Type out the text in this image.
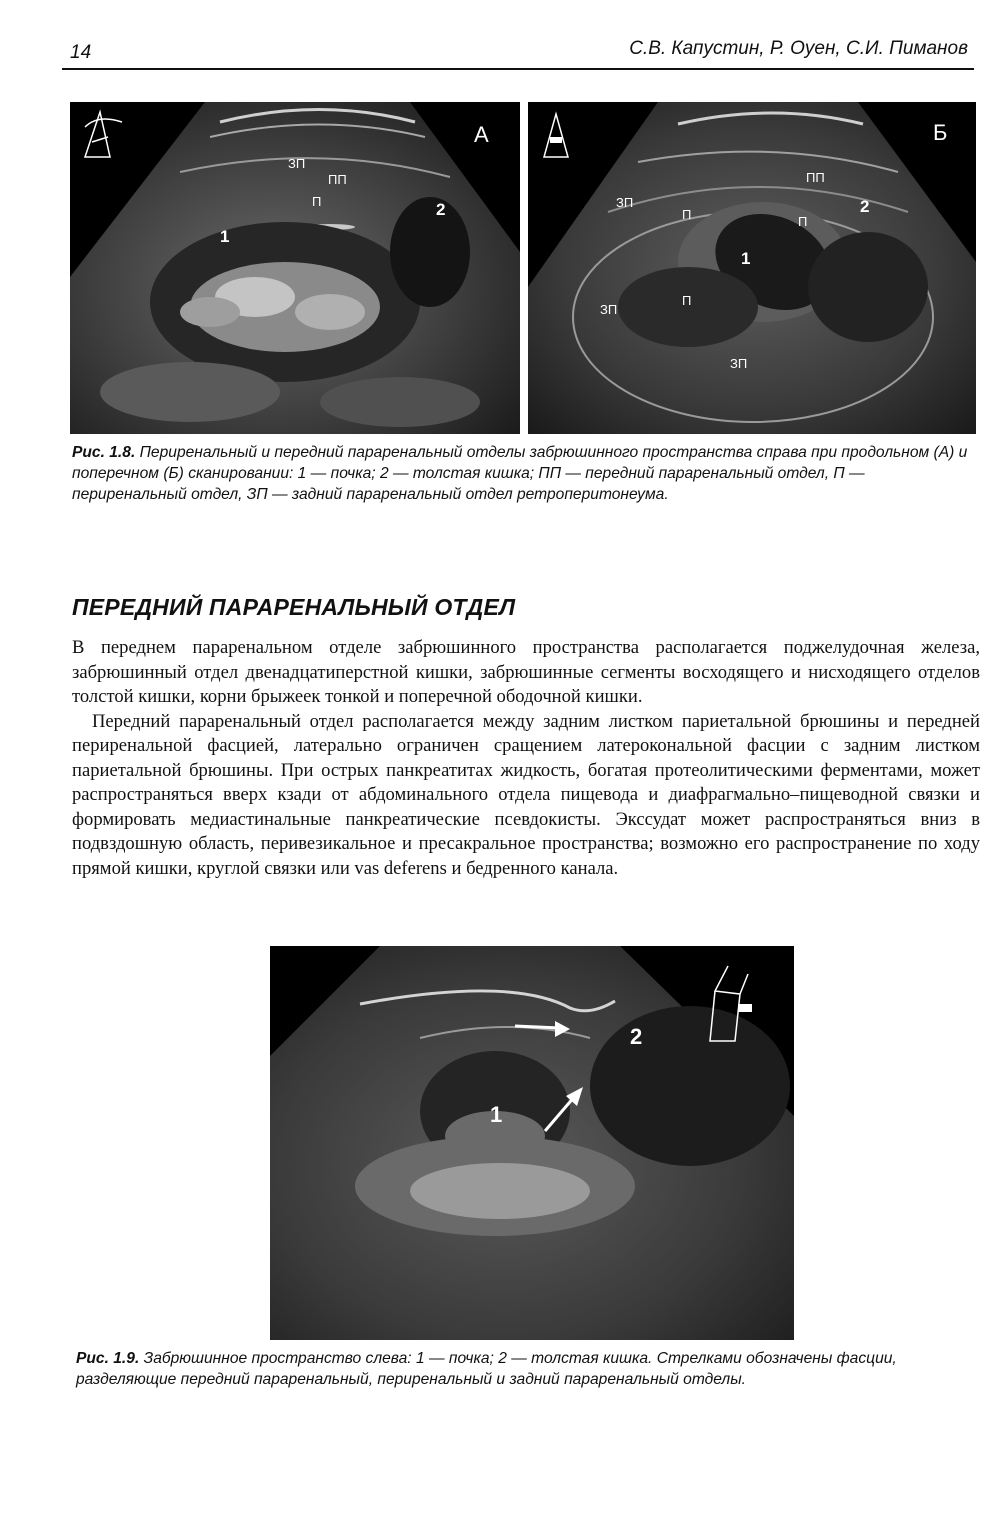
14	С.В. Капустин, Р. Оуен, С.И. Пиманов
ЗП
ПП
П
1
2
А
ПП
ЗП
П	П
1
2
П
ЗП
ЗП
Б
Рис. 1.8. Периренальный и передний параренальный отделы забрюшинного пространства справа при продольном (А) и поперечном (Б) сканировании: 1 — почка; 2 — толстая кишка; ПП — передний параренальный отдел, П — периренальный отдел, ЗП — задний параренальный отдел ретроперитонеума.
ПЕРЕДНИЙ ПАРАРЕНАЛЬНЫЙ ОТДЕЛ

В переднем параренальном отделе забрюшинного пространства располагается поджелудочная железа, забрюшинный отдел двенадцатиперстной кишки, забрюшинные сегменты восходящего и нисходящего отделов толстой кишки, корни брыжеек тонкой и поперечной ободочной кишки.

Передний параренальный отдел располагается между задним листком париетальной брюшины и передней периренальной фасцией, латерально ограничен сращением латерокональной фасции с задним листком париетальной брюшины. При острых панкреатитах жидкость, богатая протеолитическими ферментами, может распространяться вверх кзади от абдоминального отдела пищевода и диафрагмально–пищеводной связки и формировать медиастинальные панкреатические псевдокисты. Экссудат может распространяться вниз в подвздошную область, перивезикальное и пресакральное пространства; возможно его распространение по ходу прямой кишки, круглой связки или vas deferens и бедренного канала.

1
2
Рис. 1.9. Забрюшинное пространство слева: 1 — почка; 2 — толстая кишка. Стрелками обозначены фасции, разделяющие передний параренальный, периренальный и задний параренальный отделы.
